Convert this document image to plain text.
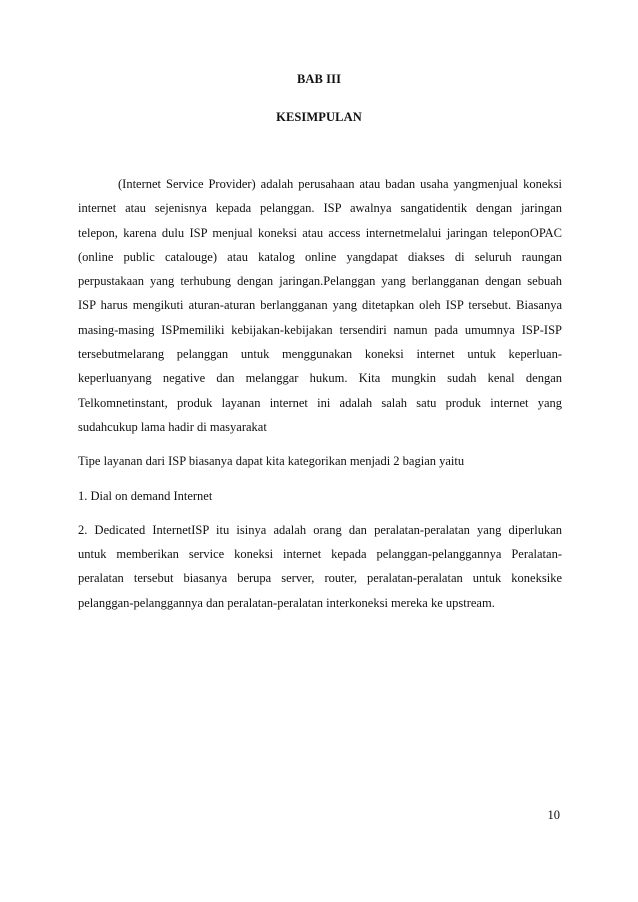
BAB III
KESIMPULAN
(Internet Service Provider) adalah perusahaan atau badan usaha yangmenjual koneksi
internet atau sejenisnya kepada pelanggan. ISP awalnya sangatidentik dengan jaringan
telepon, karena dulu ISP menjual koneksi atau access internetmelalui jaringan teleponOPAC
(online public catalouge) atau katalog online yangdapat diakses di seluruh raungan
perpustakaan yang terhubung dengan jaringan.Pelanggan yang berlangganan dengan sebuah
ISP harus mengikuti aturan-aturan berlangganan yang ditetapkan oleh ISP tersebut. Biasanya
masing-masing ISPmemiliki kebijakan-kebijakan tersendiri namun pada umumnya ISP-ISP
tersebutmelarang pelanggan untuk menggunakan koneksi internet untuk keperluan-
keperluanyang negative dan melanggar hukum. Kita mungkin sudah kenal dengan
Telkomnetinstant, produk layanan internet ini adalah salah satu produk internet yang
sudahcukup lama hadir di masyarakat

Tipe layanan dari ISP biasanya dapat kita kategorikan menjadi 2 bagian yaitu

1. Dial on demand Internet

2. Dedicated InternetISP itu isinya adalah orang dan peralatan-peralatan yang diperlukan
untuk memberikan service koneksi internet kepada pelanggan-pelanggannya Peralatan-
peralatan tersebut biasanya berupa server, router, peralatan-peralatan untuk koneksike
pelanggan-pelanggannya dan peralatan-peralatan interkoneksi mereka ke upstream.
10
